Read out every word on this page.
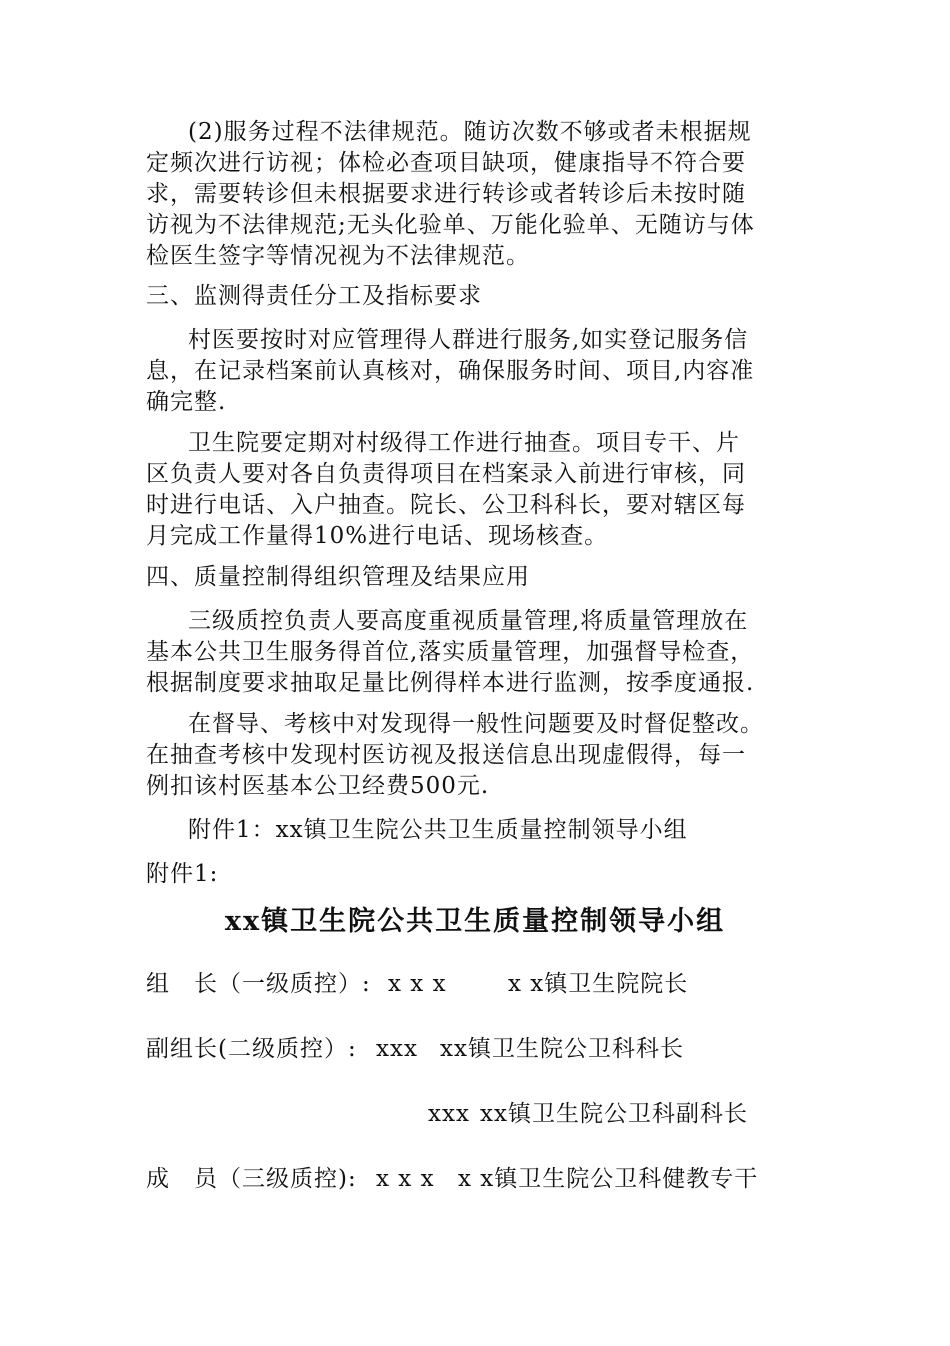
(2)服务过程不法律规范。随访次数不够或者未根据规
定频次进行访视；体检必查项目缺项，健康指导不符合要
求，需要转诊但未根据要求进行转诊或者转诊后未按时随
访视为不法律规范;无头化验单、万能化验单、无随访与体
检医生签字等情况视为不法律规范。
三、监测得责任分工及指标要求
村医要按时对应管理得人群进行服务,如实登记服务信
息，在记录档案前认真核对，确保服务时间、项目,内容准
确完整.
卫生院要定期对村级得工作进行抽查。项目专干、片
区负责人要对各自负责得项目在档案录入前进行审核，同
时进行电话、入户抽查。院长、公卫科科长，要对辖区每
月完成工作量得10%进行电话、现场核查。
四、质量控制得组织管理及结果应用
三级质控负责人要高度重视质量管理,将质量管理放在
基本公共卫生服务得首位,落实质量管理，加强督导检查，
根据制度要求抽取足量比例得样本进行监测，按季度通报.
在督导、考核中对发现得一般性问题要及时督促整改。
在抽查考核中发现村医访视及报送信息出现虚假得，每一
例扣该村医基本公卫经费500元.
附件1：xx镇卫生院公共卫生质量控制领导小组
附件1:
xx镇卫生院公共卫生质量控制领导小组
组　长（一级质控）: x x x	x x镇卫生院院长
副组长(二级质控）: xxx xx镇卫生院公卫科科长
xxx xx镇卫生院公卫科副科长
成　员（三级质控): x x x x x镇卫生院公卫科健教专干
